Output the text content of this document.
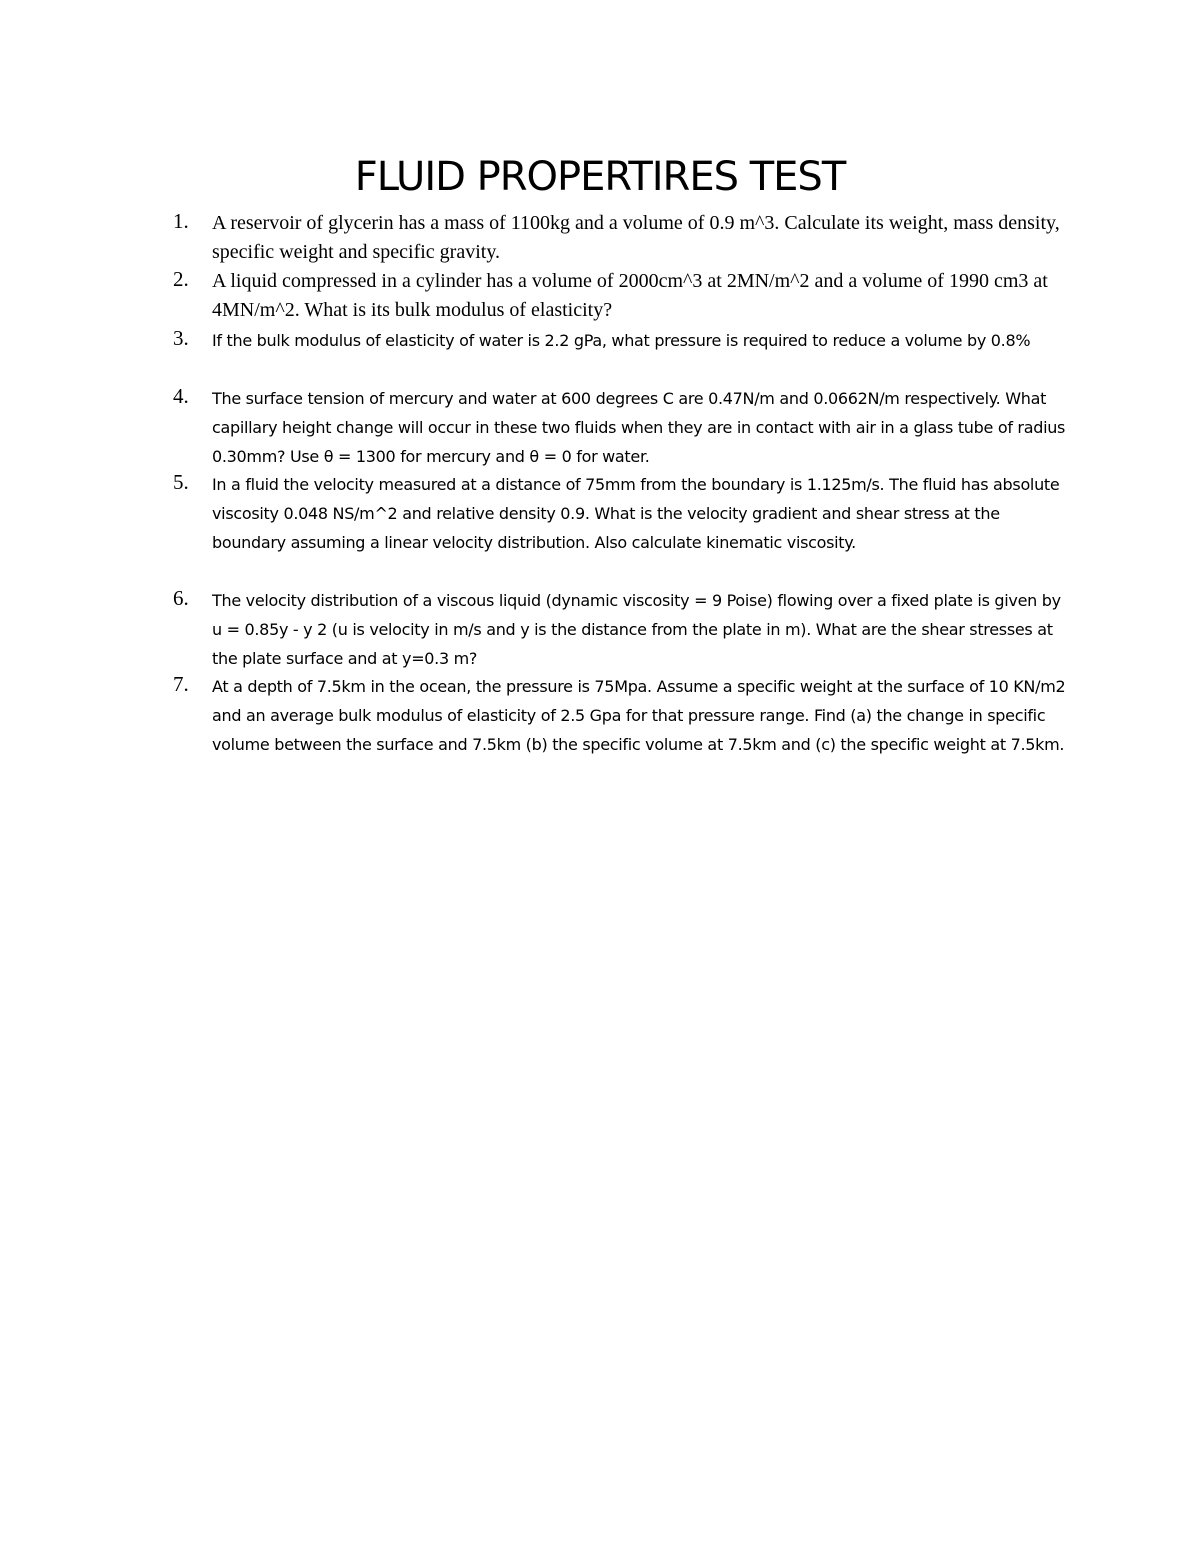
FLUID PROPERTIRES TEST
1. A reservoir of glycerin has a mass of 1100kg and a volume of 0.9 m^3. Calculate its weight, mass density, specific weight and specific gravity.

2. A liquid compressed in a cylinder has a volume of 2000cm^3 at 2MN/m^2 and a volume of 1990 cm3 at 4MN/m^2. What is its bulk modulus of elasticity?

3. If the bulk modulus of elasticity of water is 2.2 gPa, what pressure is required to reduce a volume by 0.8%

4. The surface tension of mercury and water at 600 degrees C are 0.47N/m and 0.0662N/m respectively. What capillary height change will occur in these two fluids when they are in contact with air in a glass tube of radius 0.30mm? Use θ = 1300 for mercury and θ = 0 for water.

5. In a fluid the velocity measured at a distance of 75mm from the boundary is 1.125m/s. The fluid has absolute viscosity 0.048 NS/m^2 and relative density 0.9. What is the velocity gradient and shear stress at the boundary assuming a linear velocity distribution. Also calculate kinematic viscosity.

6. The velocity distribution of a viscous liquid (dynamic viscosity = 9 Poise) flowing over a fixed plate is given by u = 0.85y - y 2 (u is velocity in m/s and y is the distance from the plate in m). What are the shear stresses at the plate surface and at y=0.3 m?

7. At a depth of 7.5km in the ocean, the pressure is 75Mpa. Assume a specific weight at the surface of 10 KN/m2 and an average bulk modulus of elasticity of 2.5 Gpa for that pressure range. Find (a) the change in specific volume between the surface and 7.5km (b) the specific volume at 7.5km and (c) the specific weight at 7.5km.
